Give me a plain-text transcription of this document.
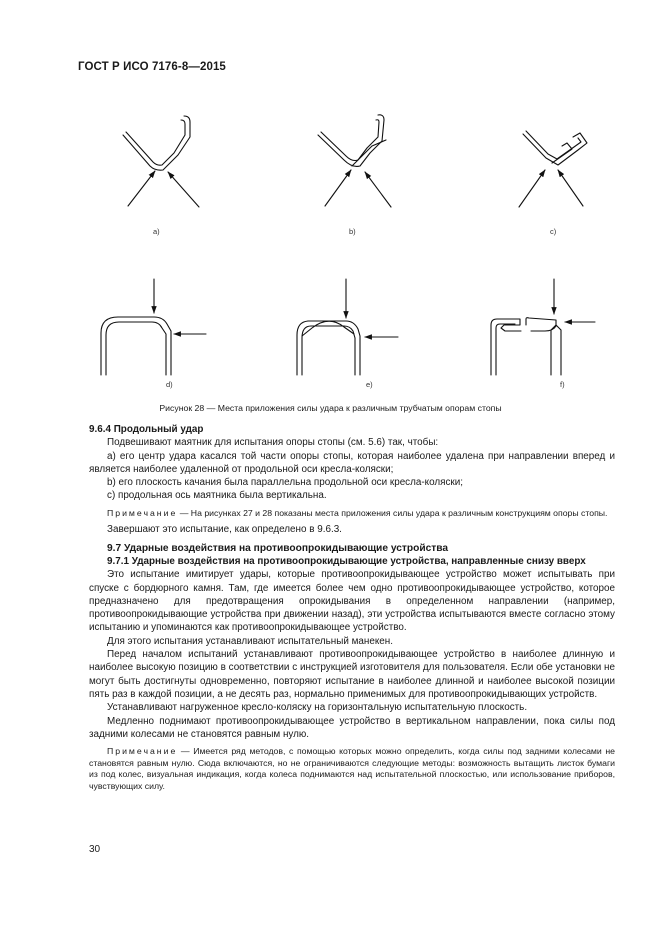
ГОСТ Р ИСО 7176-8—2015
а)	b)	с)
d)	е)	f)
Рисунок 28 — Места приложения силы удара к различным трубчатым опорам стопы

9.6.4 Продольный удар

Подвешивают маятник для испытания опоры стопы (см. 5.6) так, чтобы:

а) его центр удара касался той части опоры стопы, которая наиболее удалена при направлении вперед и является наиболее удаленной от продольной оси кресла-коляски;

b) его плоскость качания была параллельна продольной оси кресла-коляски;

с) продольная ось маятника была вертикальна.

Примечание — На рисунках 27 и 28 показаны места приложения силы удара к различным конструкциям опоры стопы.

Завершают это испытание, как определено в 9.6.3.

9.7 Ударные воздействия на противоопрокидывающие устройства

9.7.1 Ударные воздействия на противоопрокидывающие устройства, направленные снизу вверх

Это испытание имитирует удары, которые противоопрокидывающее устройство может испытывать при спуске с бордюрного камня. Там, где имеется более чем одно противоопрокидывающее устройство, которое предназначено для предотвращения опрокидывания в определенном направлении (например, противоопрокидывающие устройства при движении назад), эти устройства испытываются вместе согласно этому испытанию и упоминаются как противоопрокидывающее устройство.

Для этого испытания устанавливают испытательный манекен.

Перед началом испытаний устанавливают противоопрокидывающее устройство в наиболее длинную и наиболее высокую позицию в соответствии с инструкцией изготовителя для пользователя. Если обе установки не могут быть достигнуты одновременно, повторяют испытание в наиболее длинной и наиболее высокой позиции пять раз в каждой позиции, а не десять раз, нормально применимых для противоопрокидывающих устройств.

Устанавливают нагруженное кресло-коляску на горизонтальную испытательную плоскость.

Медленно поднимают противоопрокидывающее устройство в вертикальном направлении, пока силы под задними колесами не становятся равным нулю.

Примечание — Имеется ряд методов, с помощью которых можно определить, когда силы под задними колесами не становятся равным нулю. Сюда включаются, но не ограничиваются следующие методы: возможность вытащить листок бумаги из под колес, визуальная индикация, когда колеса поднимаются над испытательной плоскостью, или использование приборов, чувствующих силу.

30
